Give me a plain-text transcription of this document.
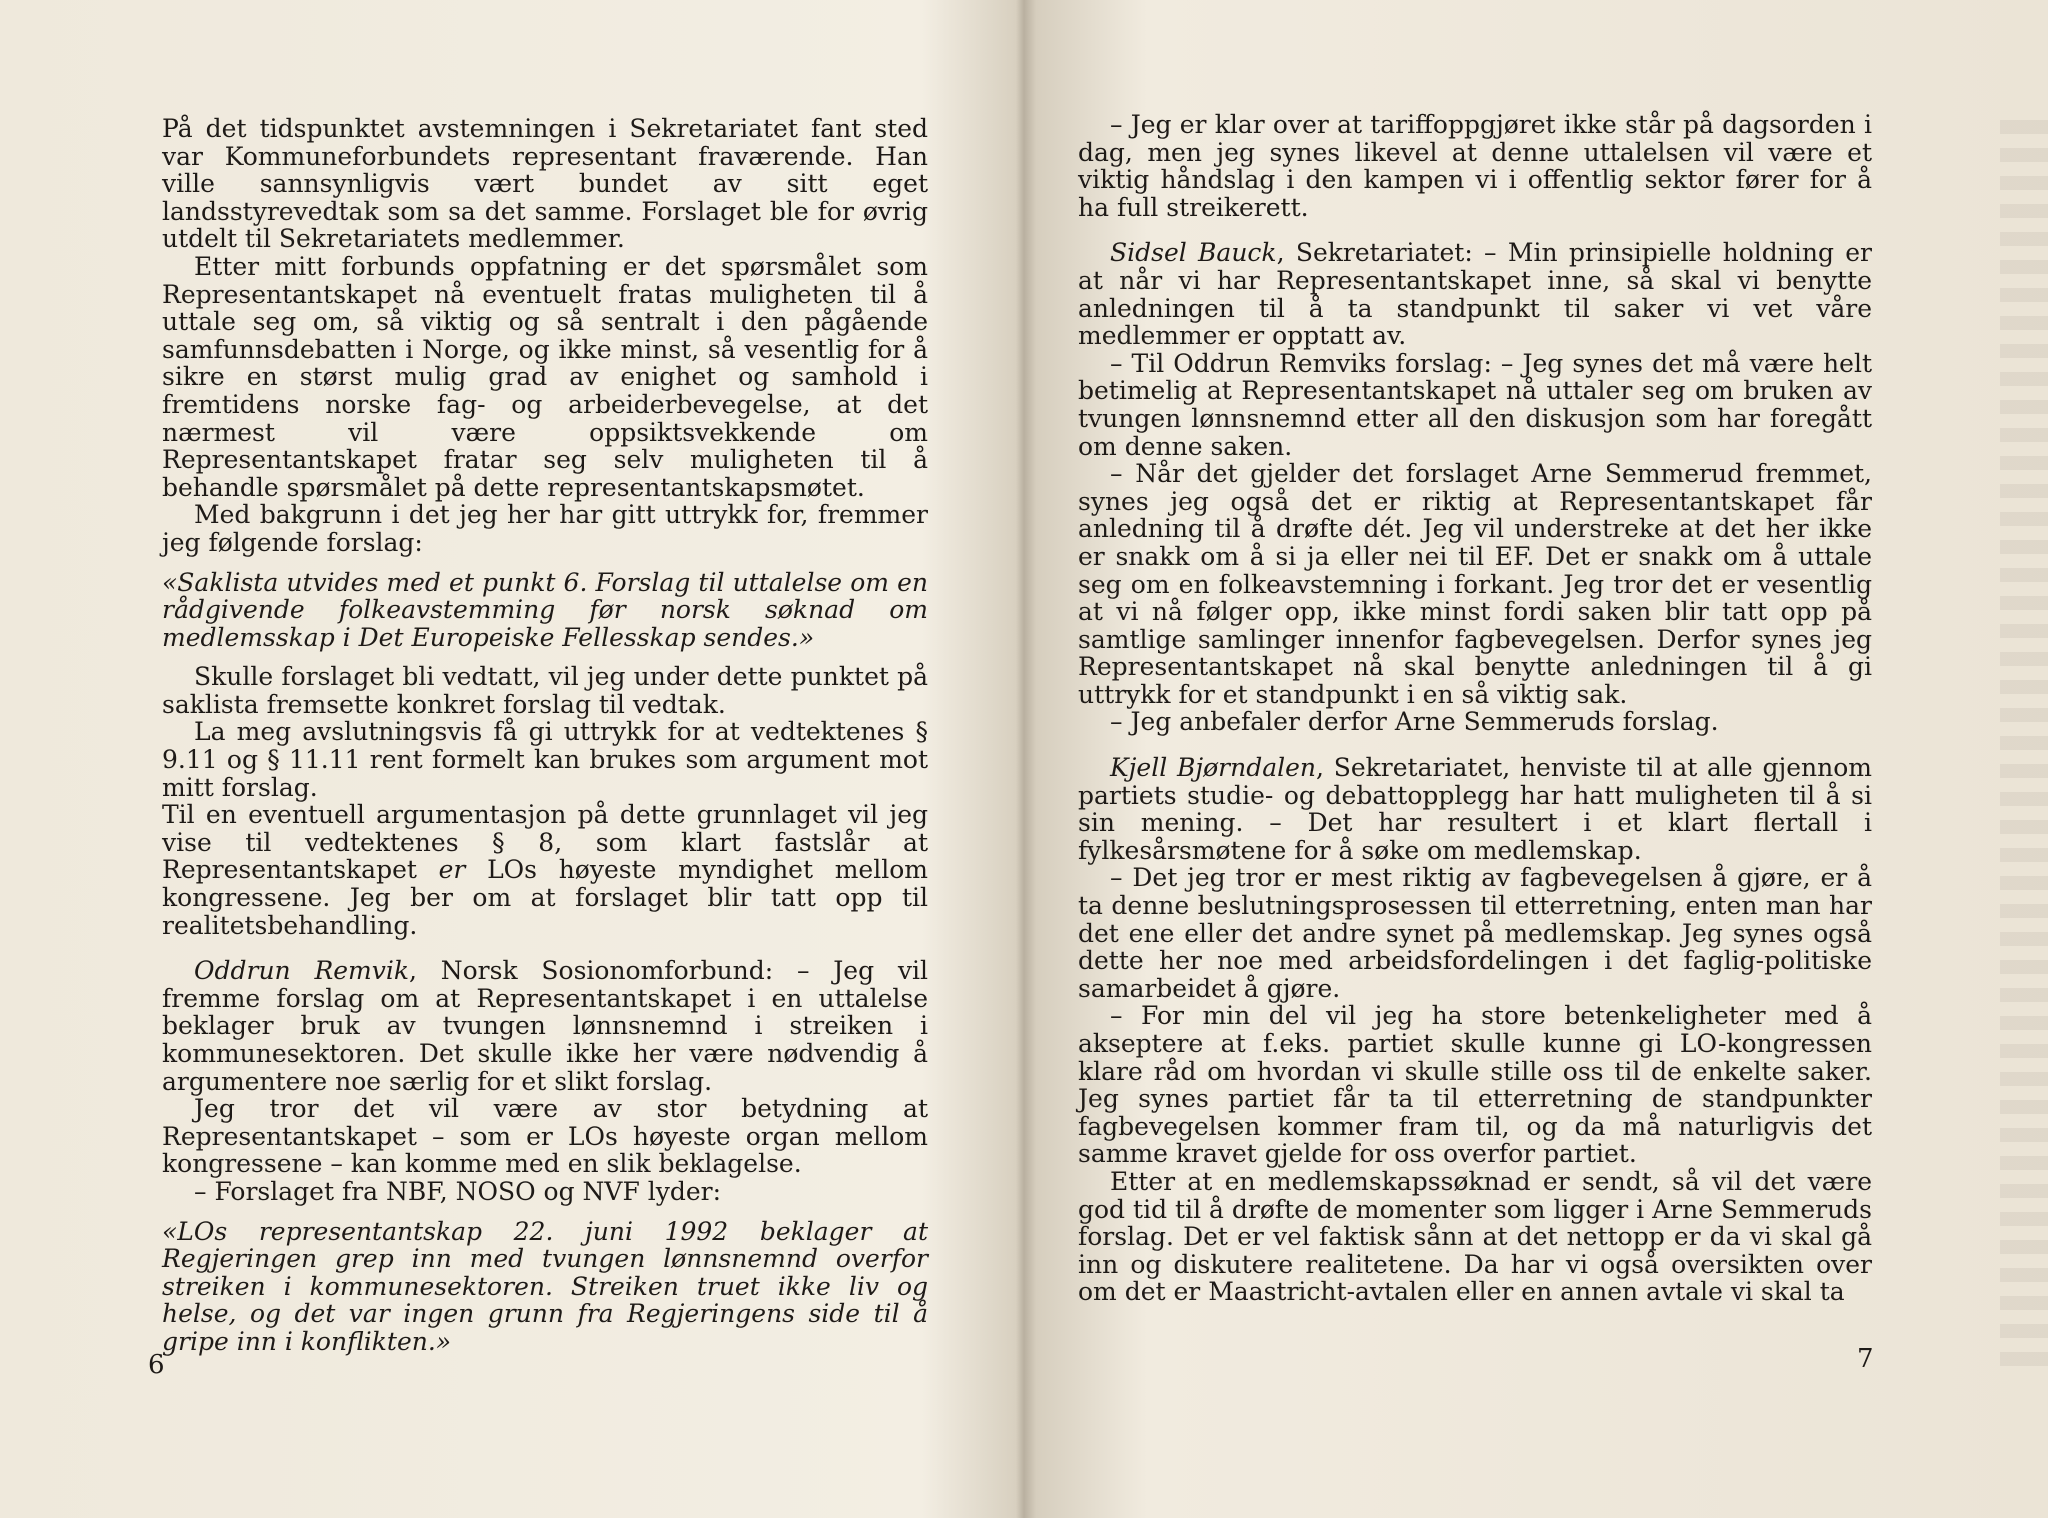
På det tidspunktet avstemningen i Sekretariatet fant sted var Kommuneforbundets representant fraværende. Han ville sannsynligvis vært bundet av sitt eget landsstyrevedtak som sa det samme. Forslaget ble for øvrig utdelt til Sekretariatets medlemmer.

Etter mitt forbunds oppfatning er det spørsmålet som Representantskapet nå eventuelt fratas muligheten til å uttale seg om, så viktig og så sentralt i den pågående samfunnsdebatten i Norge, og ikke minst, så vesentlig for å sikre en størst mulig grad av enighet og samhold i fremtidens norske fag- og arbeiderbevegelse, at det nærmest vil være oppsiktsvekkende om Representantskapet fratar seg selv muligheten til å behandle spørsmålet på dette representantskapsmøtet.

Med bakgrunn i det jeg her har gitt uttrykk for, fremmer jeg følgende forslag:

«Saklista utvides med et punkt 6. Forslag til uttalelse om en rådgivende folkeavstemming før norsk søknad om medlemsskap i Det Europeiske Fellesskap sendes.»

Skulle forslaget bli vedtatt, vil jeg under dette punktet på saklista fremsette konkret forslag til vedtak.

La meg avslutningsvis få gi uttrykk for at vedtektenes § 9.11 og § 11.11 rent formelt kan brukes som argument mot mitt forslag.

Til en eventuell argumentasjon på dette grunnlaget vil jeg vise til vedtektenes § 8, som klart fastslår at Representantskapet er LOs høyeste myndighet mellom kongressene. Jeg ber om at forslaget blir tatt opp til realitetsbehandling.

Oddrun Remvik, Norsk Sosionomforbund: – Jeg vil fremme forslag om at Representantskapet i en uttalelse beklager bruk av tvungen lønnsnemnd i streiken i kommunesektoren. Det skulle ikke her være nødvendig å argumentere noe særlig for et slikt forslag.

Jeg tror det vil være av stor betydning at Representantskapet – som er LOs høyeste organ mellom kongressene – kan komme med en slik beklagelse.

– Forslaget fra NBF, NOSO og NVF lyder:

«LOs representantskap 22. juni 1992 beklager at Regjeringen grep inn med tvungen lønnsnemnd overfor streiken i kommunesektoren. Streiken truet ikke liv og helse, og det var ingen grunn fra Regjeringens side til å gripe inn i konflikten.»

6

– Jeg er klar over at tariffoppgjøret ikke står på dagsorden i dag, men jeg synes likevel at denne uttalelsen vil være et viktig håndslag i den kampen vi i offentlig sektor fører for å ha full streikerett.

Sidsel Bauck, Sekretariatet: – Min prinsipielle holdning er at når vi har Representantskapet inne, så skal vi benytte anledningen til å ta standpunkt til saker vi vet våre medlemmer er opptatt av.

– Til Oddrun Remviks forslag: – Jeg synes det må være helt betimelig at Representantskapet nå uttaler seg om bruken av tvungen lønnsnemnd etter all den diskusjon som har foregått om denne saken.

– Når det gjelder det forslaget Arne Semmerud fremmet, synes jeg også det er riktig at Representantskapet får anledning til å drøfte dét. Jeg vil understreke at det her ikke er snakk om å si ja eller nei til EF. Det er snakk om å uttale seg om en folkeavstemning i forkant. Jeg tror det er vesentlig at vi nå følger opp, ikke minst fordi saken blir tatt opp på samtlige samlinger innenfor fagbevegelsen. Derfor synes jeg Representantskapet nå skal benytte anledningen til å gi uttrykk for et standpunkt i en så viktig sak.

– Jeg anbefaler derfor Arne Semmeruds forslag.

Kjell Bjørndalen, Sekretariatet, henviste til at alle gjennom partiets studie- og debattopplegg har hatt muligheten til å si sin mening. – Det har resultert i et klart flertall i fylkesårsmøtene for å søke om medlemskap.

– Det jeg tror er mest riktig av fagbevegelsen å gjøre, er å ta denne beslutningsprosessen til etterretning, enten man har det ene eller det andre synet på medlemskap. Jeg synes også dette her noe med arbeidsfordelingen i det faglig-politiske samarbeidet å gjøre.

– For min del vil jeg ha store betenkeligheter med å akseptere at f.eks. partiet skulle kunne gi LO-kongressen klare råd om hvordan vi skulle stille oss til de enkelte saker. Jeg synes partiet får ta til etterretning de standpunkter fagbevegelsen kommer fram til, og da må naturligvis det samme kravet gjelde for oss overfor partiet.

Etter at en medlemskapssøknad er sendt, så vil det være god tid til å drøfte de momenter som ligger i Arne Semmeruds forslag. Det er vel faktisk sånn at det nettopp er da vi skal gå inn og diskutere realitetene. Da har vi også oversikten over om det er Maastricht-avtalen eller en annen avtale vi skal ta

7
